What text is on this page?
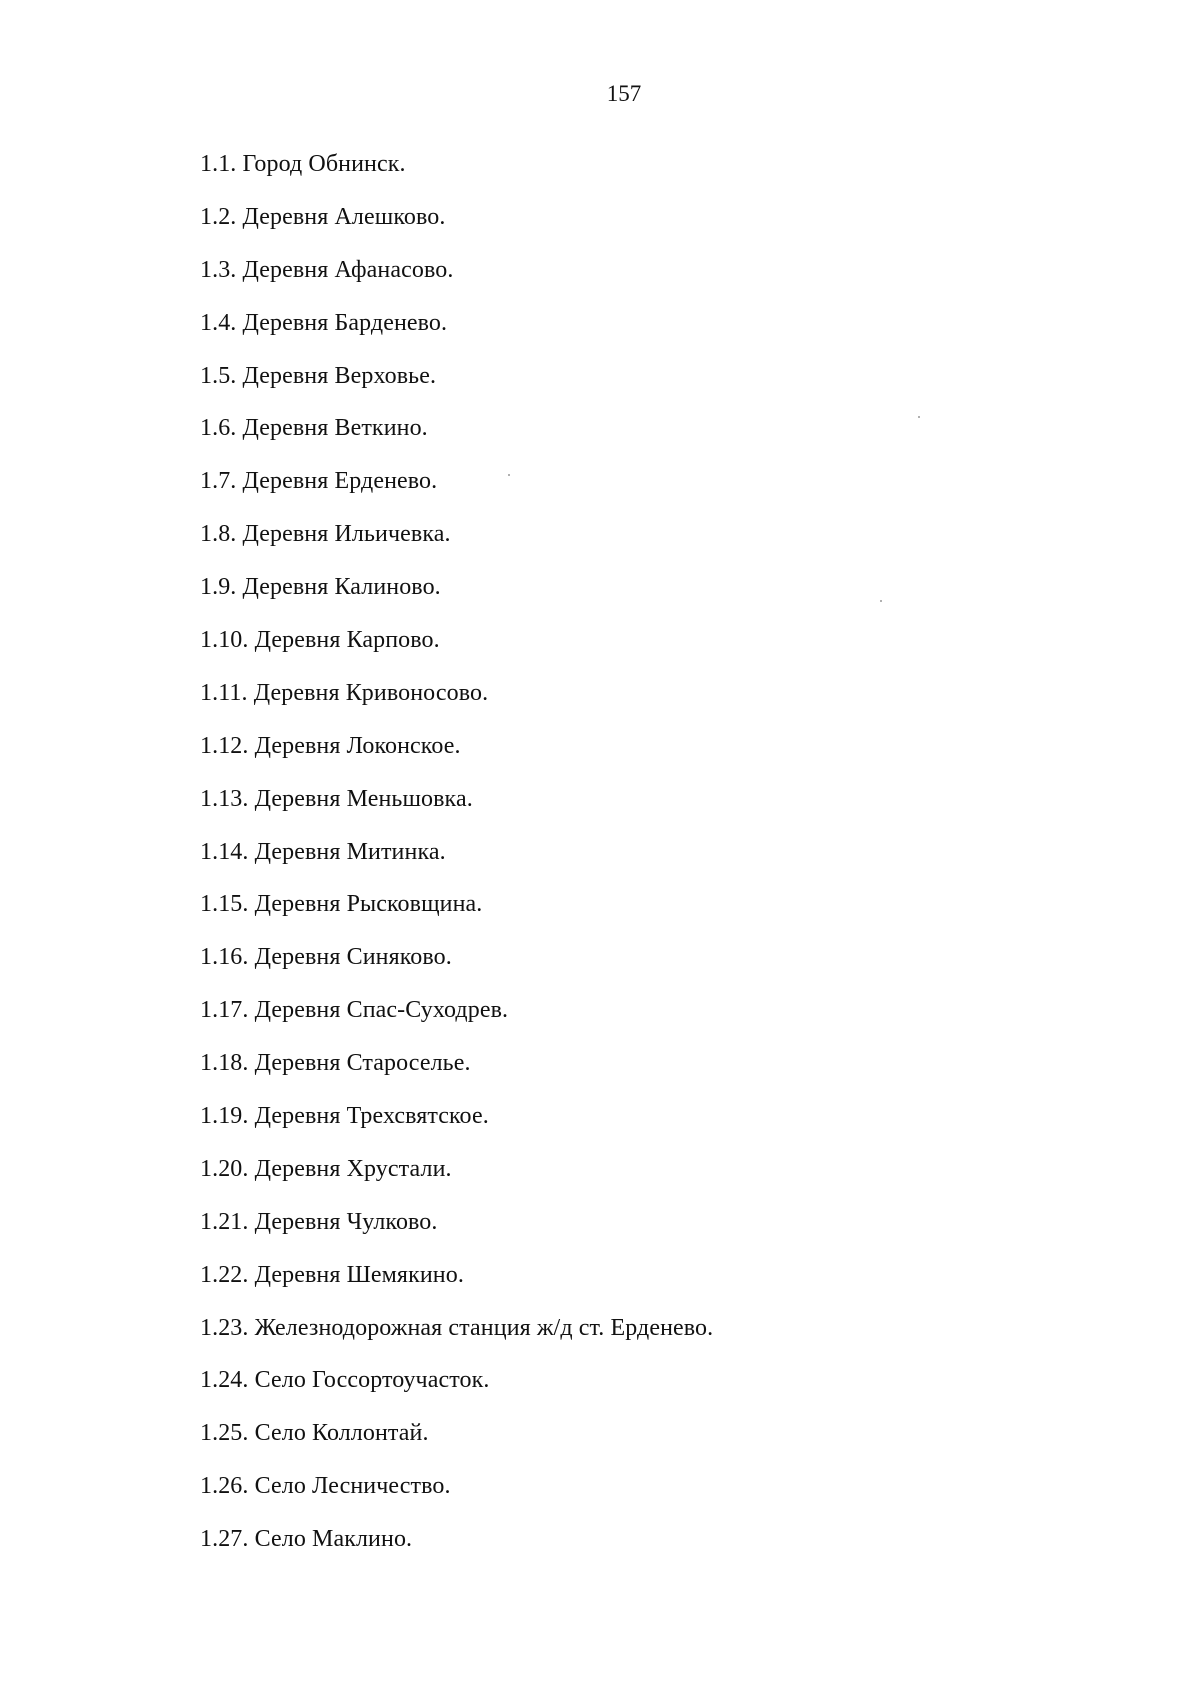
157
1.1. Город Обнинск.
1.2. Деревня Алешково.
1.3. Деревня Афанасово.
1.4. Деревня Барденево.
1.5. Деревня Верховье.
1.6. Деревня Веткино.
1.7. Деревня Ерденево.
1.8. Деревня Ильичевка.
1.9. Деревня Калиново.
1.10. Деревня Карпово.
1.11. Деревня Кривоносово.
1.12. Деревня Локонское.
1.13. Деревня Меньшовка.
1.14. Деревня Митинка.
1.15. Деревня Рысковщина.
1.16. Деревня Синяково.
1.17. Деревня Спас-Суходрев.
1.18. Деревня Староселье.
1.19. Деревня Трехсвятское.
1.20. Деревня Хрустали.
1.21. Деревня Чулково.
1.22. Деревня Шемякино.
1.23. Железнодорожная станция ж/д ст. Ерденево.
1.24. Село Госсортоучасток.
1.25. Село Коллонтай.
1.26. Село Лесничество.
1.27. Село Маклино.
